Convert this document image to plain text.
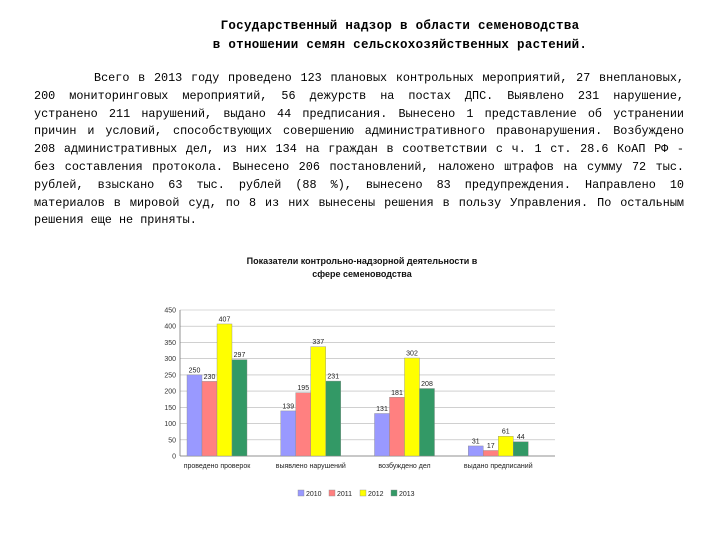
Государственный надзор в области семеноводства
в отношении семян сельскохозяйственных растений.
Всего в 2013 году проведено 123 плановых контрольных мероприятий, 27 внеплановых, 200 мониторинговых мероприятий, 56 дежурств на постах ДПС. Выявлено 231 нарушение, устранено 211 нарушений, выдано 44 предписания. Вынесено 1 представление об устранении причин и условий, способствующих совершению административного правонарушения. Возбуждено 208 административных дел, из них 134 на граждан в соответствии с ч. 1 ст. 28.6 КоАП РФ - без составления протокола. Вынесено 206 постановлений, наложено штрафов на сумму 72 тыс. рублей, взыскано 63 тыс. рублей (88 %), вынесено 83 предупреждения. Направлено 10 материалов в мировой суд, по 8 из них вынесены решения в пользу Управления. По остальным решения еще не приняты.
Показатели контрольно-надзорной деятельности в
сфере семеноводства
0
50
100
150
200
250
300
350
400
450
250
230
407
297
проведено проверок
139
195
337
231
выявлено нарушений
131
181
302
208
возбуждено дел
31
17
61
44
выдано предписаний
2010 2011 2012 2013
